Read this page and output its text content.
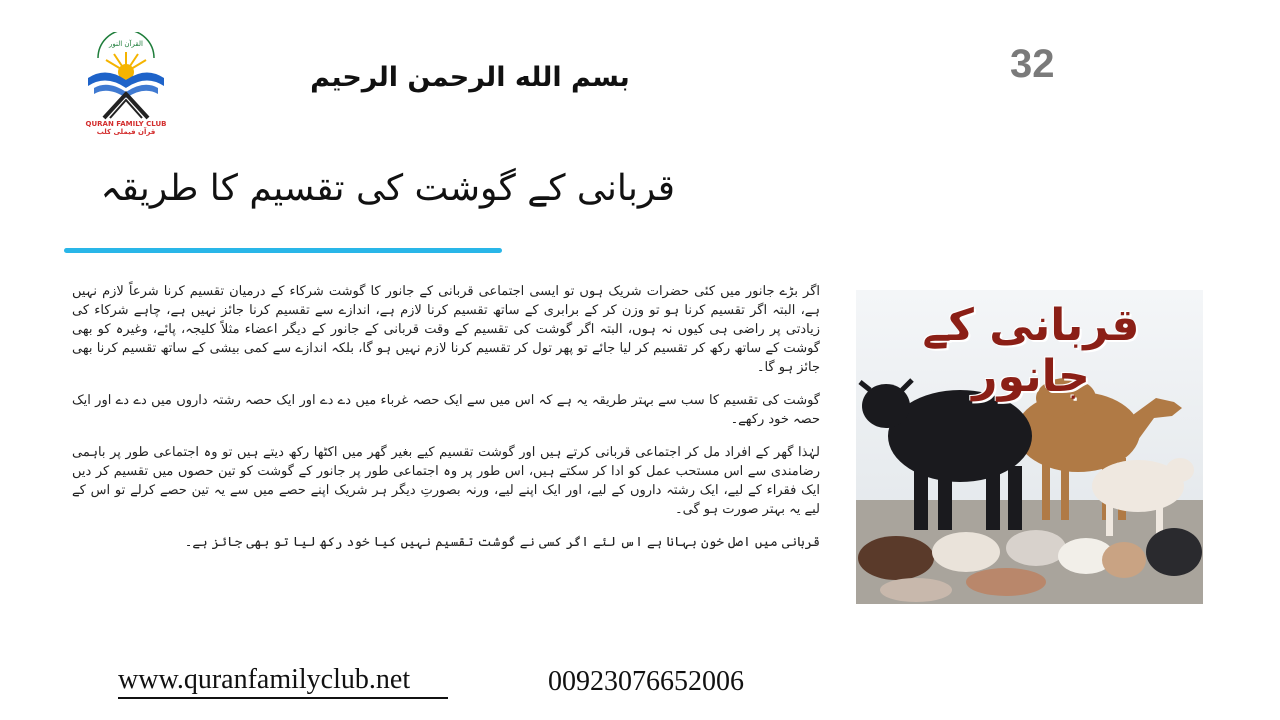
القرآن النور
QURAN FAMILY CLUB
قرآن فیملی کلب
بسم الله الرحمن الرحيم	32
قربانی کے گوشت کی تقسیم کا طریقہ

اگر بڑے جانور میں کئی حضرات شریک ہوں تو ایسی اجتماعی قربانی کے جانور کا گوشت شرکاء کے درمیان تقسیم کرنا شرعاً لازم نہیں ہے، البتہ اگر تقسیم کرنا ہو تو وزن کر کے برابری کے ساتھ تقسیم کرنا لازم ہے، اندازے سے تقسیم کرنا جائز نہیں ہے، چاہے شرکاء کی زیادتی پر راضی ہی کیوں نہ ہوں، البتہ اگر گوشت کی تقسیم کے وقت قربانی کے جانور کے دیگر اعضاء مثلاً کلیجہ، پائے، وغیرہ کو بھی گوشت کے ساتھ رکھ کر تقسیم کر لیا جائے تو پھر تول کر تقسیم کرنا لازم نہیں ہو گا، بلکہ اندازے سے کمی بیشی کے ساتھ تقسیم کرنا بھی جائز ہو گا۔

گوشت کی تقسیم کا سب سے بہتر طریقہ یہ ہے کہ اس میں سے ایک حصہ غرباء میں دے دے اور ایک حصہ رشتہ داروں میں دے دے اور ایک حصہ خود رکھے۔

لہٰذا گھر کے افراد مل کر اجتماعی قربانی کرتے ہیں اور گوشت تقسیم کیے بغیر گھر میں اکٹھا رکھ دیتے ہیں تو وہ اجتماعی طور پر باہمی رضامندی سے اس مستحب عمل کو ادا کر سکتے ہیں، اس طور پر وہ اجتماعی طور پر جانور کے گوشت کو تین حصوں میں تقسیم کر دیں ایک فقراء کے لیے، ایک رشتہ داروں کے لیے، اور ایک اپنے لیے، ورنہ بصورتِ دیگر ہر شریک اپنے حصے میں سے یہ تین حصے کرلے تو اس کے لیے یہ بہتر صورت ہو گی۔

قربانی میں اصل خون بہانا ہے اس لئے اگر کسی نے گوشت تقسیم نہیں کیا خود رکھ لیا تو بھی جائز ہے۔

قربانی کے جانور
www.quranfamilyclub.net	00923076652006
